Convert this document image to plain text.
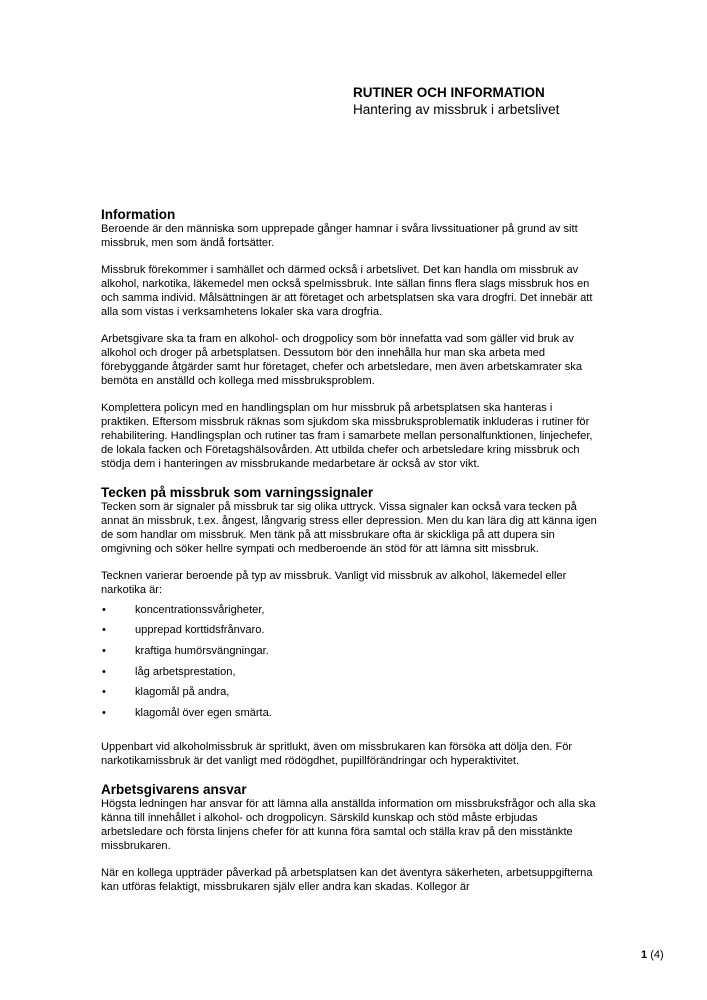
RUTINER OCH INFORMATION
Hantering av missbruk i arbetslivet
Information

Beroende är den människa som upprepade gånger hamnar i svåra livssituationer på grund av sitt missbruk, men som ändå fortsätter.

Missbruk förekommer i samhället och därmed också i arbetslivet. Det kan handla om missbruk av alkohol, narkotika, läkemedel men också spelmissbruk. Inte sällan finns flera slags missbruk hos en och samma individ. Målsättningen är att företaget och arbetsplatsen ska vara drogfri. Det innebär att alla som vistas i verksamhetens lokaler ska vara drogfria.

Arbetsgivare ska ta fram en alkohol- och drogpolicy som bör innefatta vad som gäller vid bruk av alkohol och droger på arbetsplatsen. Dessutom bör den innehålla hur man ska arbeta med förebyggande åtgärder samt hur företaget, chefer och arbetsledare, men även arbetskamrater ska bemöta en anställd och kollega med missbruksproblem.

Komplettera policyn med en handlingsplan om hur missbruk på arbetsplatsen ska hanteras i praktiken. Eftersom missbruk räknas som sjukdom ska missbruksproblematik inkluderas i rutiner för rehabilitering. Handlingsplan och rutiner tas fram i samarbete mellan personalfunktionen, linjechefer, de lokala facken och Företagshälsovården. Att utbilda chefer och arbetsledare kring missbruk och stödja dem i hanteringen av missbrukande medarbetare är också av stor vikt.

Tecken på missbruk som varningssignaler

Tecken som är signaler på missbruk tar sig olika uttryck. Vissa signaler kan också vara tecken på annat än missbruk, t.ex. ångest, långvarig stress eller depression. Men du kan lära dig att känna igen de som handlar om missbruk. Men tänk på att missbrukare ofta är skickliga på att dupera sin omgivning och söker hellre sympati och medberoende än stöd för att lämna sitt missbruk.

Tecknen varierar beroende på typ av missbruk. Vanligt vid missbruk av alkohol, läkemedel eller narkotika är:

•	koncentrationssvårigheter,
•	upprepad korttidsfrånvaro.
•	kraftiga humörsvängningar.
•	låg arbetsprestation,
•	klagomål på andra,
•	klagomål över egen smärta.

Uppenbart vid alkoholmissbruk är spritlukt, även om missbrukaren kan försöka att dölja den. För narkotikamissbruk är det vanligt med rödögdhet, pupillförändringar och hyperaktivitet.

Arbetsgivarens ansvar

Högsta ledningen har ansvar för att lämna alla anställda information om missbruksfrågor och alla ska känna till innehållet i alkohol- och drogpolicyn. Särskild kunskap och stöd måste erbjudas arbetsledare och första linjens chefer för att kunna föra samtal och ställa krav på den misstänkte missbrukaren.

När en kollega uppträder påverkad på arbetsplatsen kan det äventyra säkerheten, arbetsuppgifterna kan utföras felaktigt, missbrukaren själv eller andra kan skadas. Kollegor är

1 (4)
